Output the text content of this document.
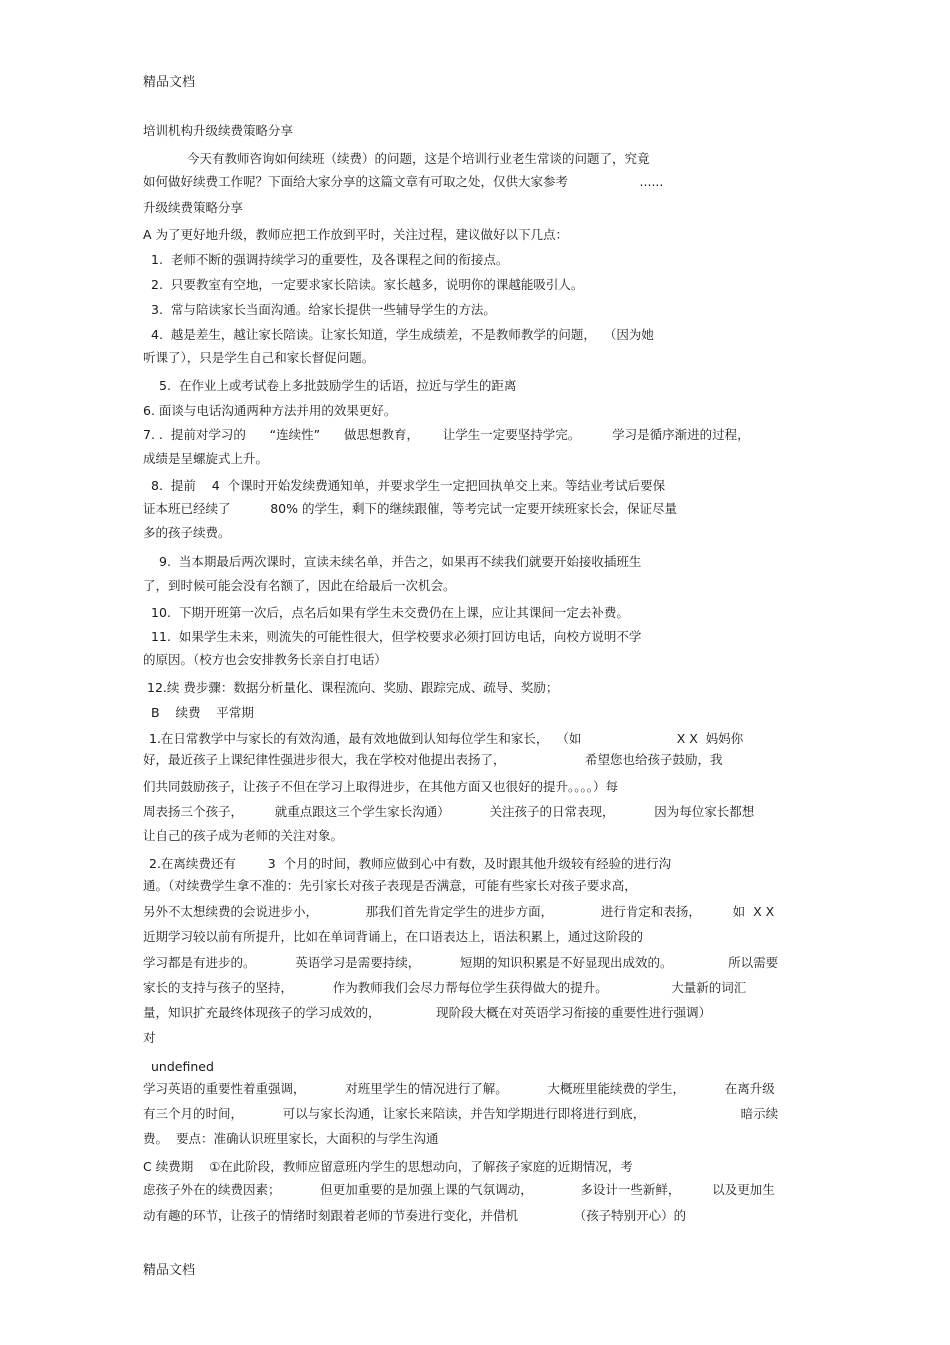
精品文档
培训机构升级续费策略分享
今天有教师咨询如何续班（续费）的问题，这是个培训行业老生常谈的问题了，究竟
如何做好续费工作呢？下面给大家分享的这篇文章有可取之处，仅供大家参考                  ......
升级续费策略分享
A 为了更好地升级，教师应把工作放到平时，关注过程，建议做好以下几点：
1.  老师不断的强调持续学习的重要性，及各课程之间的衔接点。
2.  只要教室有空地，一定要求家长陪读。家长越多，说明你的课越能吸引人。
3.  常与陪读家长当面沟通。给家长提供一些辅导学生的方法。
4.  越是差生，越让家长陪读。让家长知道，学生成绩差，不是教师教学的问题，  （因为她
听课了），只是学生自己和家长督促问题。
5.  在作业上或考试卷上多批鼓励学生的话语，拉近与学生的距离
6. 面谈与电话沟通两种方法并用的效果更好。
7. .  提前对学习的      “连续性”      做思想教育，      让学生一定要坚持学完。        学习是循序渐进的过程，
成绩是呈螺旋式上升。
8.  提前    4  个课时开始发续费通知单，并要求学生一定把回执单交上来。等结业考试后要保
证本班已经续了          80% 的学生，剩下的继续跟催，等考完试一定要开续班家长会，保证尽量
多的孩子续费。
9.  当本期最后两次课时，宣读未续名单，并告之，如果再不续我们就要开始接收插班生
了，到时候可能会没有名额了，因此在给最后一次机会。
10.  下期开班第一次后，点名后如果有学生未交费仍在上课，应让其课间一定去补费。
11.  如果学生未来，则流失的可能性很大，但学校要求必须打回访电话，向校方说明不学
的原因。（校方也会安排教务长亲自打电话）
12.续 费步骤：数据分析量化、课程流向、奖励、跟踪完成、疏导、奖励；
B    续费    平常期
1.在日常教学中与家长的有效沟通，最有效地做到认知每位学生和家长，  （如                        X X  妈妈你
好，最近孩子上课纪律性强进步很大，我在学校对他提出表扬了，                    希望您也给孩子鼓励，我
们共同鼓励孩子，让孩子不但在学习上取得进步，在其他方面又也很好的提升。。。。）每
周表扬三个孩子，        就重点跟这三个学生家长沟通）          关注孩子的日常表现，          因为每位家长都想
让自己的孩子成为老师的关注对象。
2.在离续费还有        3  个月的时间，教师应做到心中有数，及时跟其他升级较有经验的进行沟
通。（对续费学生拿不准的：先引家长对孩子表现是否满意，可能有些家长对孩子要求高，
另外不太想续费的会说进步小，            那我们首先肯定学生的进步方面，            进行肯定和表扬，        如  X X
近期学习较以前有所提升，比如在单词背诵上，在口语表达上，语法积累上，通过这阶段的
学习都是有进步的。          英语学习是需要持续，          短期的知识积累是不好显现出成效的。              所以需要
家长的支持与孩子的坚持，          作为教师我们会尽力帮每位学生获得做大的提升。                大量新的词汇
量，知识扩充最终体现孩子的学习成效的，              现阶段大概在对英语学习衔接的重要性进行强调）
对
undefined
学习英语的重要性着重强调，          对班里学生的情况进行了解。          大概班里能续费的学生，          在离升级
有三个月的时间，          可以与家长沟通，让家长来陪读，并告知学期进行即将进行到底，                        暗示续
费。  要点：准确认识班里家长，大面积的与学生沟通
C 续费期    ①在此阶段，教师应留意班内学生的思想动向，了解孩子家庭的近期情况，考
虑孩子外在的续费因素；          但更加重要的是加强上课的气氛调动，            多设计一些新鲜，        以及更加生
动有趣的环节，让孩子的情绪时刻跟着老师的节奏进行变化，并借机              （孩子特别开心）的
精品文档
